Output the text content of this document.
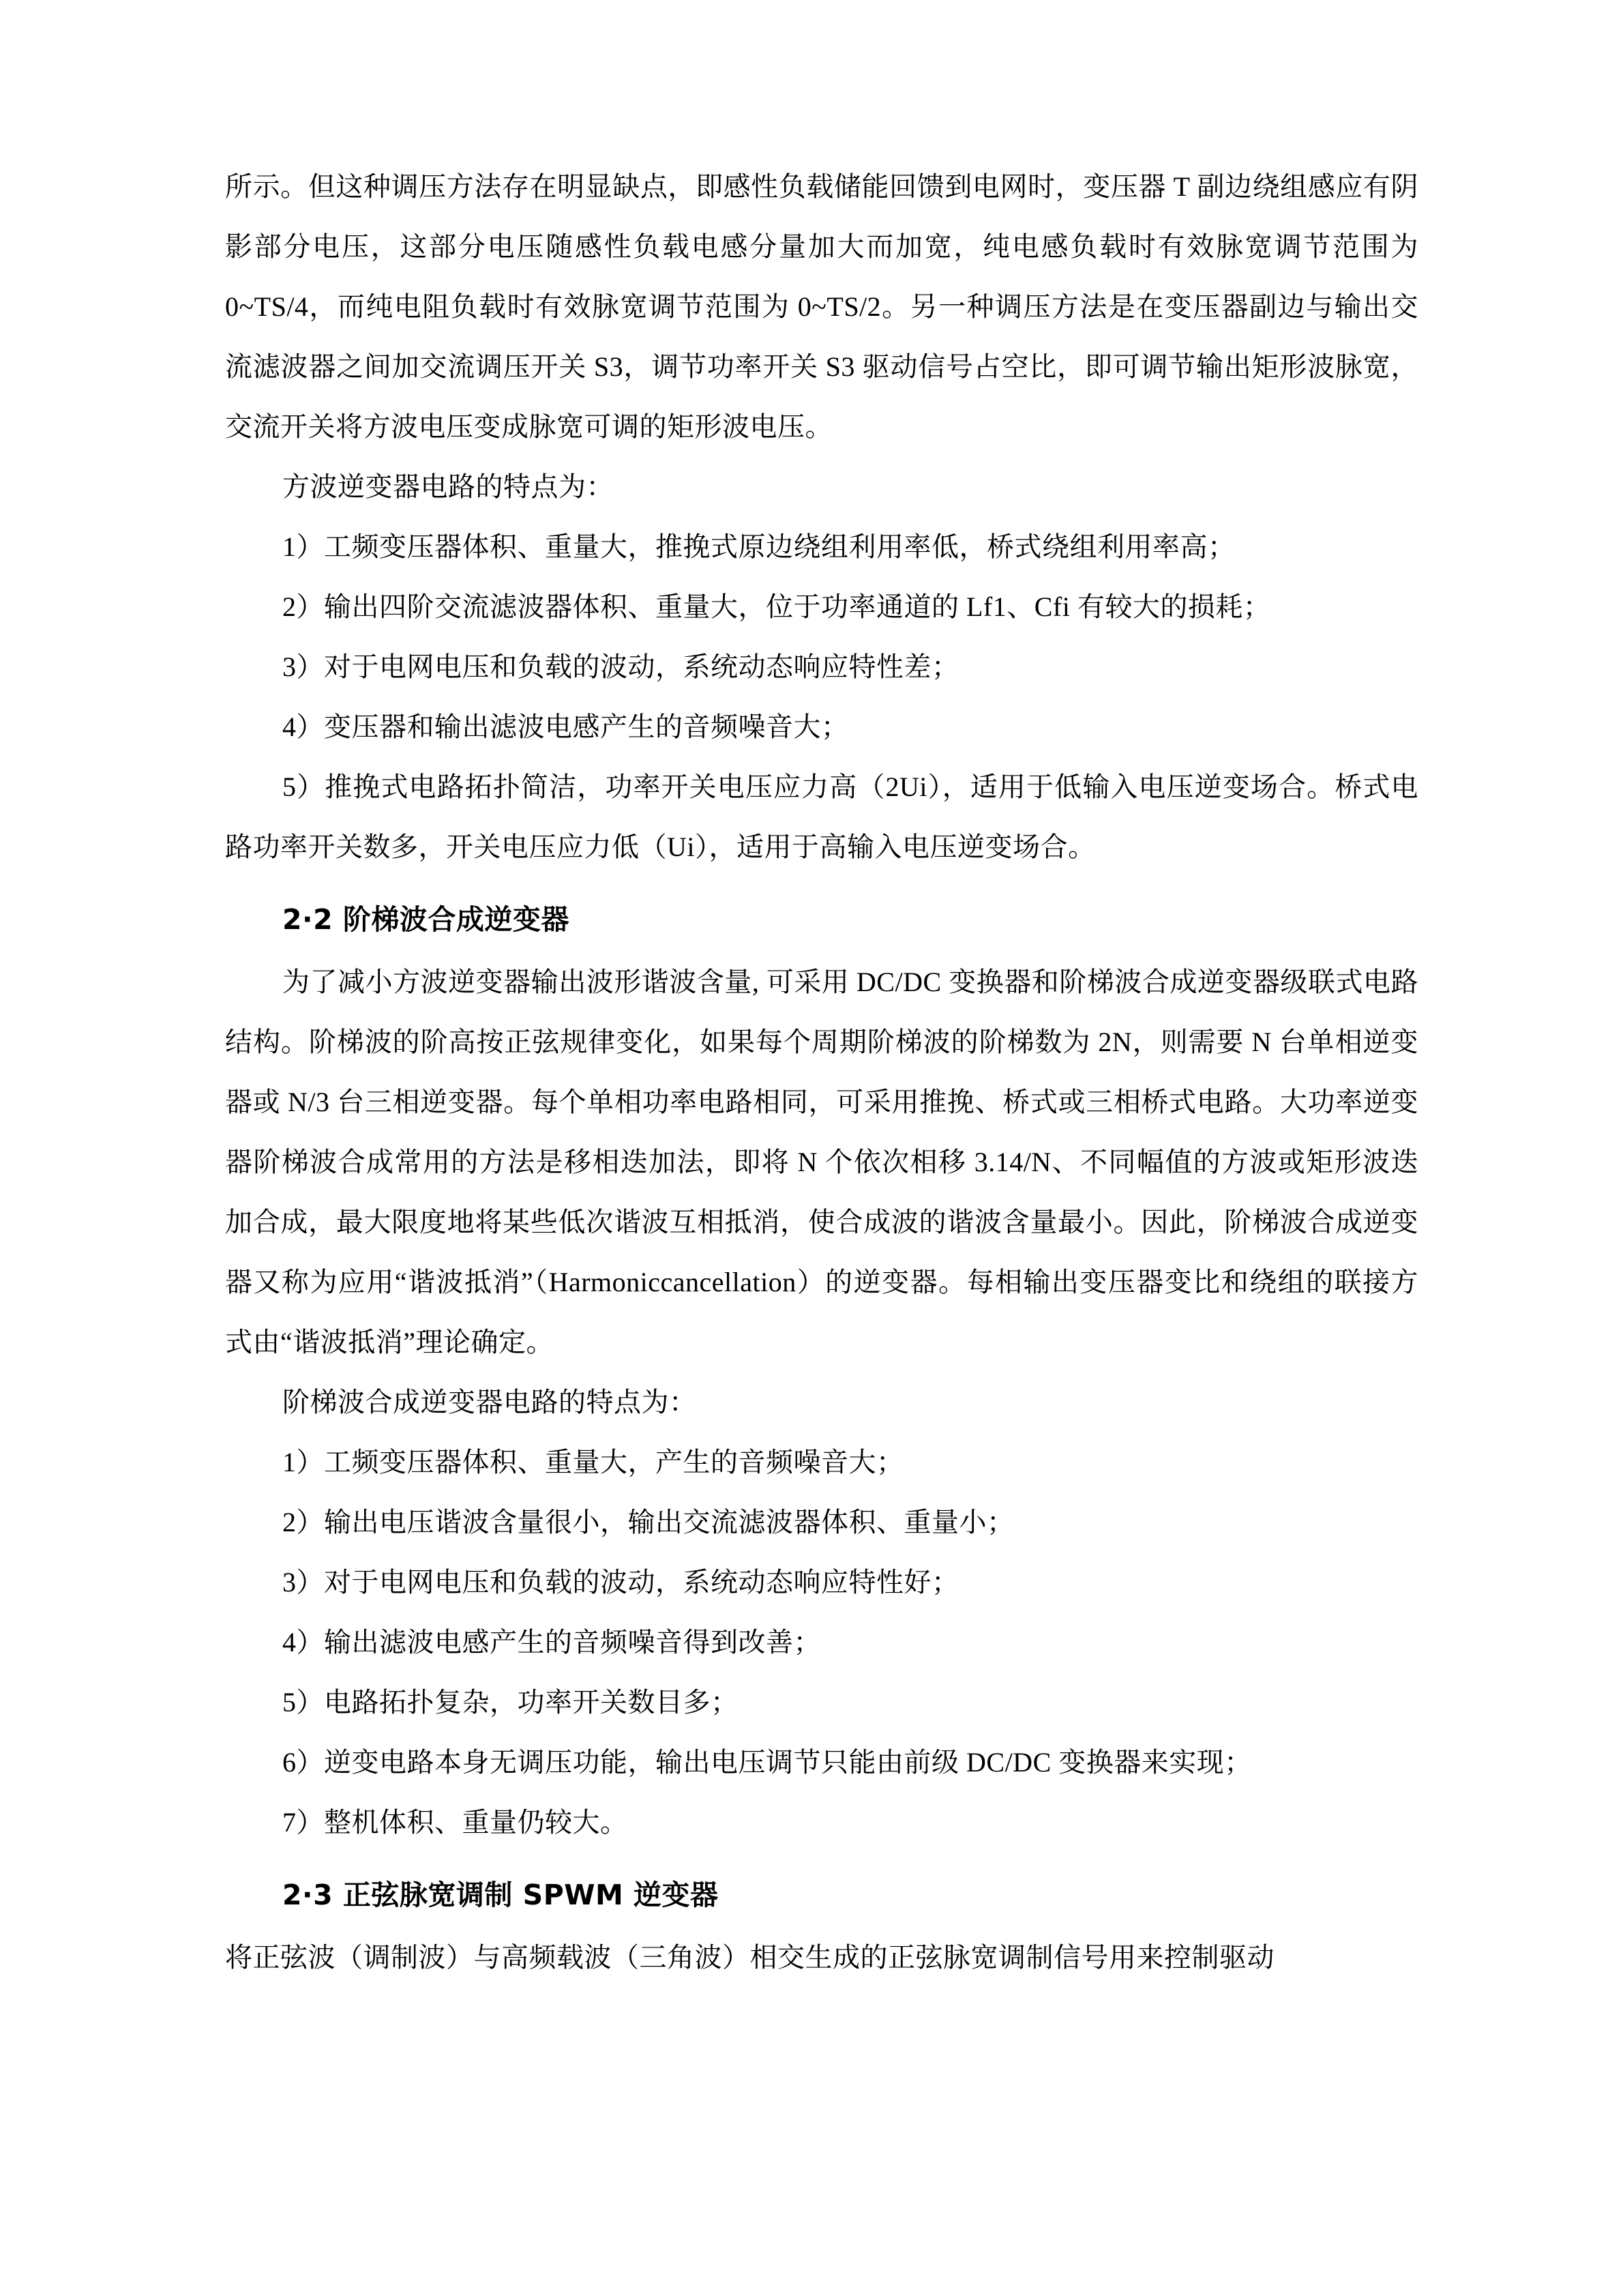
所示。但这种调压方法存在明显缺点，即感性负载储能回馈到电网时，变压器 T 副边绕组感应有阴影部分电压，这部分电压随感性负载电感分量加大而加宽，纯电感负载时有效脉宽调节范围为 0~TS/4，而纯电阻负载时有效脉宽调节范围为 0~TS/2。另一种调压方法是在变压器副边与输出交流滤波器之间加交流调压开关 S3，调节功率开关 S3 驱动信号占空比，即可调节输出矩形波脉宽，交流开关将方波电压变成脉宽可调的矩形波电压。

方波逆变器电路的特点为：

1）工频变压器体积、重量大，推挽式原边绕组利用率低，桥式绕组利用率高；

2）输出四阶交流滤波器体积、重量大，位于功率通道的 Lf1、Cfi 有较大的损耗；

3）对于电网电压和负载的波动，系统动态响应特性差；

4）变压器和输出滤波电感产生的音频噪音大；

5）推挽式电路拓扑简洁，功率开关电压应力高（2Ui），适用于低输入电压逆变场合。桥式电路功率开关数多，开关电压应力低（Ui），适用于高输入电压逆变场合。

2·2 阶梯波合成逆变器

为了减小方波逆变器输出波形谐波含量, 可采用 DC/DC 变换器和阶梯波合成逆变器级联式电路结构。阶梯波的阶高按正弦规律变化，如果每个周期阶梯波的阶梯数为 2N，则需要 N 台单相逆变器或 N/3 台三相逆变器。每个单相功率电路相同，可采用推挽、桥式或三相桥式电路。大功率逆变器阶梯波合成常用的方法是移相迭加法，即将 N 个依次相移 3.14/N、不同幅值的方波或矩形波迭加合成，最大限度地将某些低次谐波互相抵消，使合成波的谐波含量最小。因此，阶梯波合成逆变器又称为应用“谐波抵消”（Harmoniccancellation）的逆变器。每相输出变压器变比和绕组的联接方式由“谐波抵消”理论确定。

阶梯波合成逆变器电路的特点为：

1）工频变压器体积、重量大，产生的音频噪音大；

2）输出电压谐波含量很小，输出交流滤波器体积、重量小；

3）对于电网电压和负载的波动，系统动态响应特性好；

4）输出滤波电感产生的音频噪音得到改善；

5）电路拓扑复杂，功率开关数目多；

6）逆变电路本身无调压功能，输出电压调节只能由前级 DC/DC 变换器来实现；

7）整机体积、重量仍较大。

2·3 正弦脉宽调制 SPWM 逆变器

将正弦波（调制波）与高频载波（三角波）相交生成的正弦脉宽调制信号用来控制驱动
